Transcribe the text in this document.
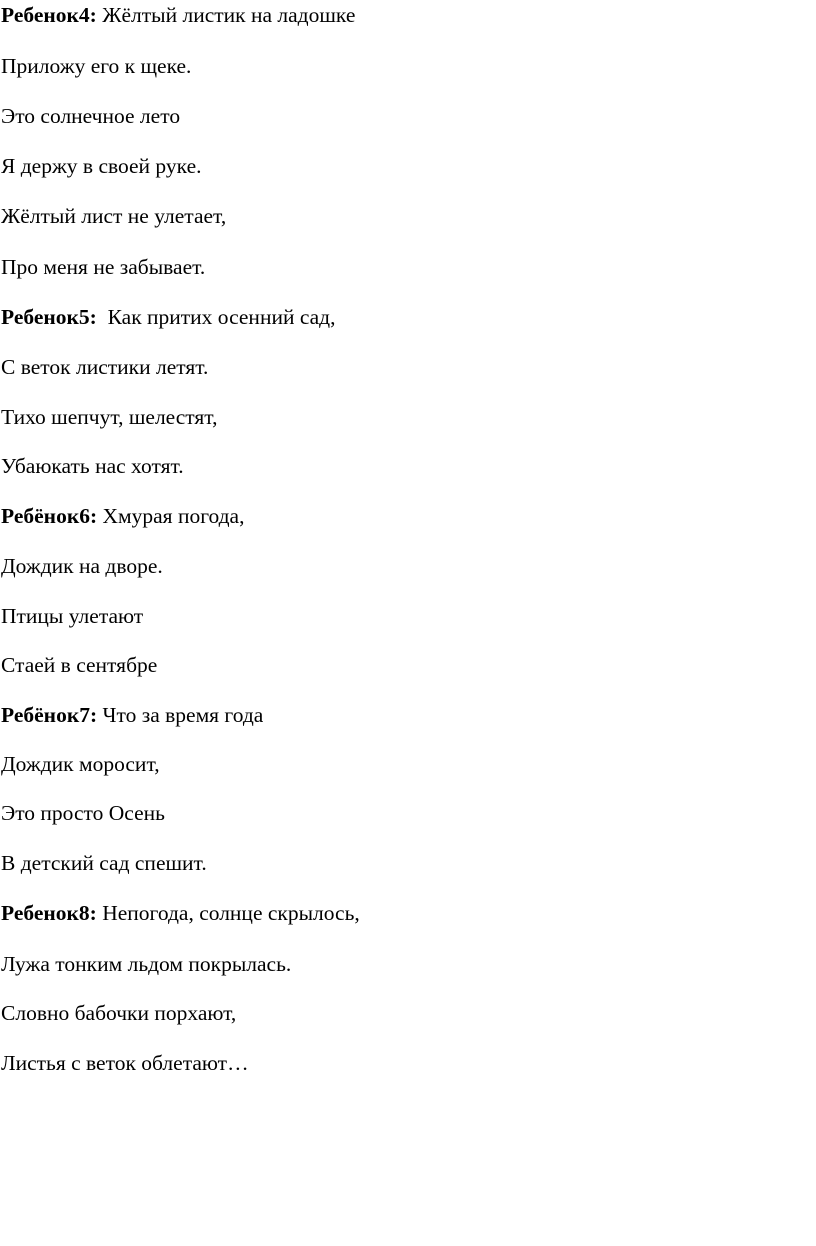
Ребенок4: Жёлтый листик на ладошке
Приложу его к щеке.
Это солнечное лето
Я держу в своей руке.
Жёлтый лист не улетает,
Про меня не забывает.
Ребенок5:  Как притих осенний сад,
С веток листики летят.
Тихо шепчут, шелестят,
Убаюкать нас хотят.
Ребёнок6: Хмурая погода,
Дождик на дворе.
Птицы улетают
Стаей в сентябре
Ребёнок7: Что за время года
Дождик моросит,
Это просто Осень
В детский сад спешит.
Ребенок8: Непогода, солнце скрылось,
Лужа тонким льдом покрылась.
Словно бабочки порхают,
Листья с веток облетают…
